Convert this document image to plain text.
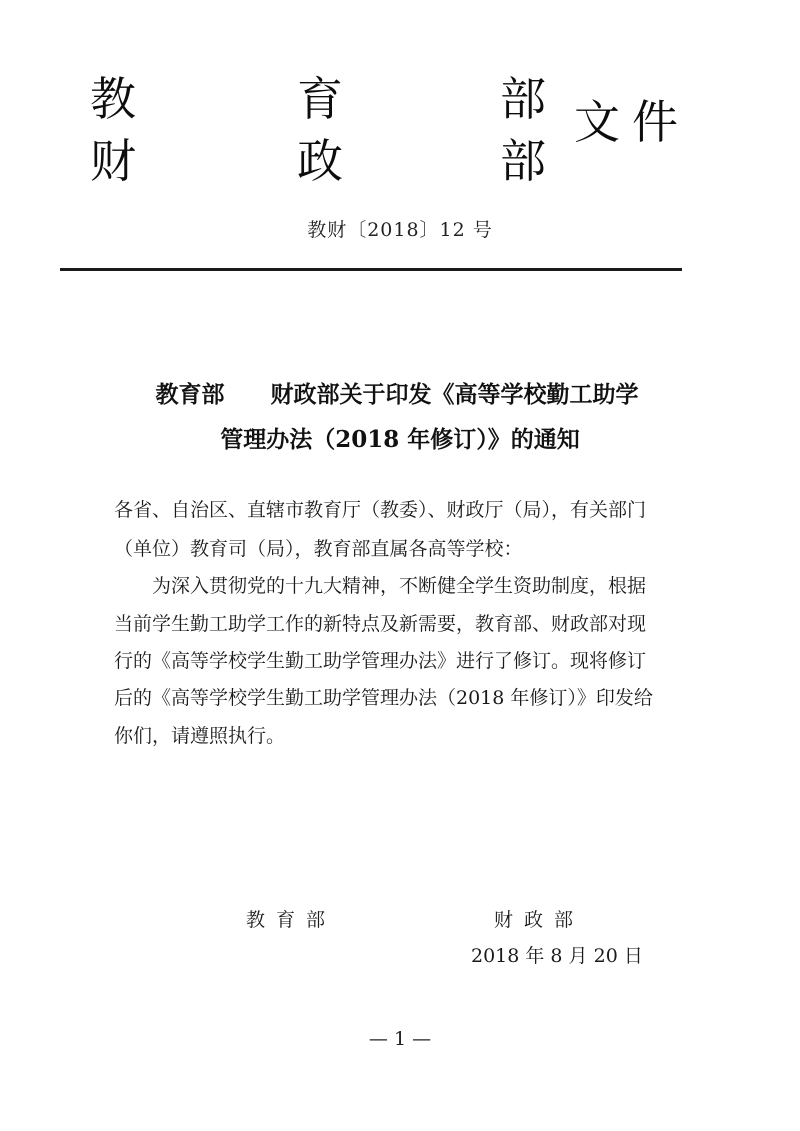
教	育	部
财	政	部
文件
教财〔2018〕12 号
教育部　　财政部关于印发《高等学校勤工助学
管理办法（2018 年修订）》的通知
各省、自治区、直辖市教育厅（教委）、财政厅（局），有关部门
（单位）教育司（局），教育部直属各高等学校：
为深入贯彻党的十九大精神，不断健全学生资助制度，根据
当前学生勤工助学工作的新特点及新需要，教育部、财政部对现
行的《高等学校学生勤工助学管理办法》进行了修订。现将修订
后的《高等学校学生勤工助学管理办法（2018 年修订）》印发给
你们，请遵照执行。
教育部	财政部
2018 年 8 月 20 日
— 1 —
